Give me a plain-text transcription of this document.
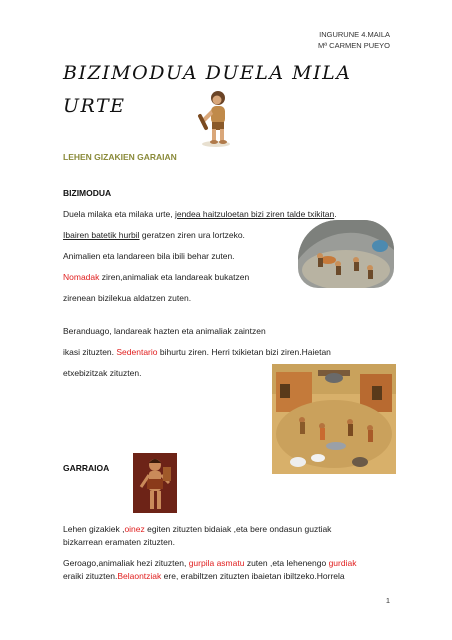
INGURUNE 4.MAILA
Mª CARMEN PUEYO
BIZIMODUA DUELA MILA
URTE
LEHEN GIZAKIEN GARAIAN
BIZIMODUA
Duela milaka eta milaka urte, jendea haitzuloetan bizi ziren talde txikitan.
Ibairen batetik hurbil geratzen ziren ura lortzeko.
Animalien eta landareen bila ibili behar zuten.
Nomadak ziren,animaliak eta landareak bukatzen
zirenean bizilekua aldatzen zuten.
Beranduago, landareak hazten eta animaliak zaintzen
ikasi zituzten. Sedentario bihurtu ziren. Herri txikietan bizi ziren.Haietan
etxebizitzak zituzten.
GARRAIOA
Lehen gizakiek ,oinez egiten zituzten bidaiak ,eta bere ondasun guztiak
bizkarrean eramaten zituzten.
Geroago,animaliak hezi zituzten, gurpila asmatu zuten ,eta lehenengo gurdiak
eraiki zituzten.Belaontziak ere, erabiltzen zituzten ibaietan ibiltzeko.Horrela
1
